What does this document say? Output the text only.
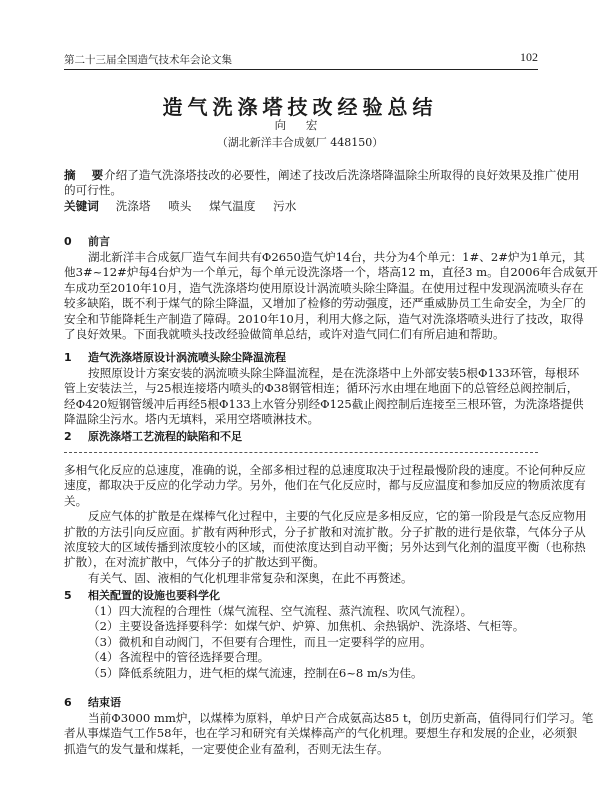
第二十三届全国造气技术年会论文集	102
造气洗涤塔技改经验总结
向 宏
（湖北新洋丰合成氨厂 448150）
摘 要介绍了造气洗涤塔技改的必要性，阐述了技改后洗涤塔降温除尘所取得的良好效果及推广使用
的可行性。
关键词 洗涤塔 喷头 煤气温度 污水
0 前言
湖北新洋丰合成氨厂造气车间共有Φ2650造气炉14台，共分为4个单元：1#、2#炉为1单元，其
他3#~12#炉每4台炉为一个单元，每个单元设洗涤塔一个，塔高12 m，直径3 m。自2006年合成氨开
车成功至2010年10月，造气洗涤塔均使用原设计涡流喷头除尘降温。在使用过程中发现涡流喷头存在
较多缺陷，既不利于煤气的除尘降温，又增加了检修的劳动强度，还严重威胁员工生命安全，为全厂的
安全和节能降耗生产制造了障碍。2010年10月，利用大修之际，造气对洗涤塔喷头进行了技改，取得
了良好效果。下面我就喷头技改经验做简单总结，或许对造气同仁们有所启迪和帮助。
1 造气洗涤塔原设计涡流喷头除尘降温流程
按照原设计方案安装的涡流喷头除尘降温流程，是在洗涤塔中上外部安装5根Φ133环管，每根环
管上安装法兰，与25根连接塔内喷头的Φ38钢管相连；循环污水由埋在地面下的总管经总阀控制后，
经Φ420短钢管缓冲后再经5根Φ133上水管分别经Φ125截止阀控制后连接至三根环管，为洗涤塔提供
降温除尘污水。塔内无填料，采用空塔喷淋技术。
2 原洗涤塔工艺流程的缺陷和不足
多相气化反应的总速度，准确的说，全部多相过程的总速度取决于过程最慢阶段的速度。不论何种反应
速度，都取决于反应的化学动力学。另外，他们在气化反应时，都与反应温度和参加反应的物质浓度有
关。
反应气体的扩散是在煤棒气化过程中，主要的气化反应是多相反应，它的第一阶段是气态反应物用
扩散的方法引向反应面。扩散有两种形式，分子扩散和对流扩散。分子扩散的进行是依靠，气体分子从
浓度较大的区域传播到浓度较小的区域，而使浓度达到自动平衡；另外达到气化剂的温度平衡（也称热
扩散），在对流扩散中，气体分子的扩散达到平衡。
有关气、固、液相的气化机理非常复杂和深奥，在此不再赘述。
5 相关配置的设施也要科学化
（1）四大流程的合理性（煤气流程、空气流程、蒸汽流程、吹风气流程）。
（2）主要设备选择要科学：如煤气炉、炉箅、加焦机、余热锅炉、洗涤塔、气柜等。
（3）微机和自动阀门，不但要有合理性，而且一定要科学的应用。
（4）各流程中的管径选择要合理。
（5）降低系统阻力，进气柜的煤气流速，控制在6~8 m/s为佳。
6 结束语
当前Φ3000 mm炉，以煤棒为原料，单炉日产合成氨高达85 t，创历史新高，值得同行们学习。笔
者从事煤造气工作58年，也在学习和研究有关煤棒高产的气化机理。要想生存和发展的企业，必须狠
抓造气的发气量和煤耗，一定要使企业有盈利，否则无法生存。
